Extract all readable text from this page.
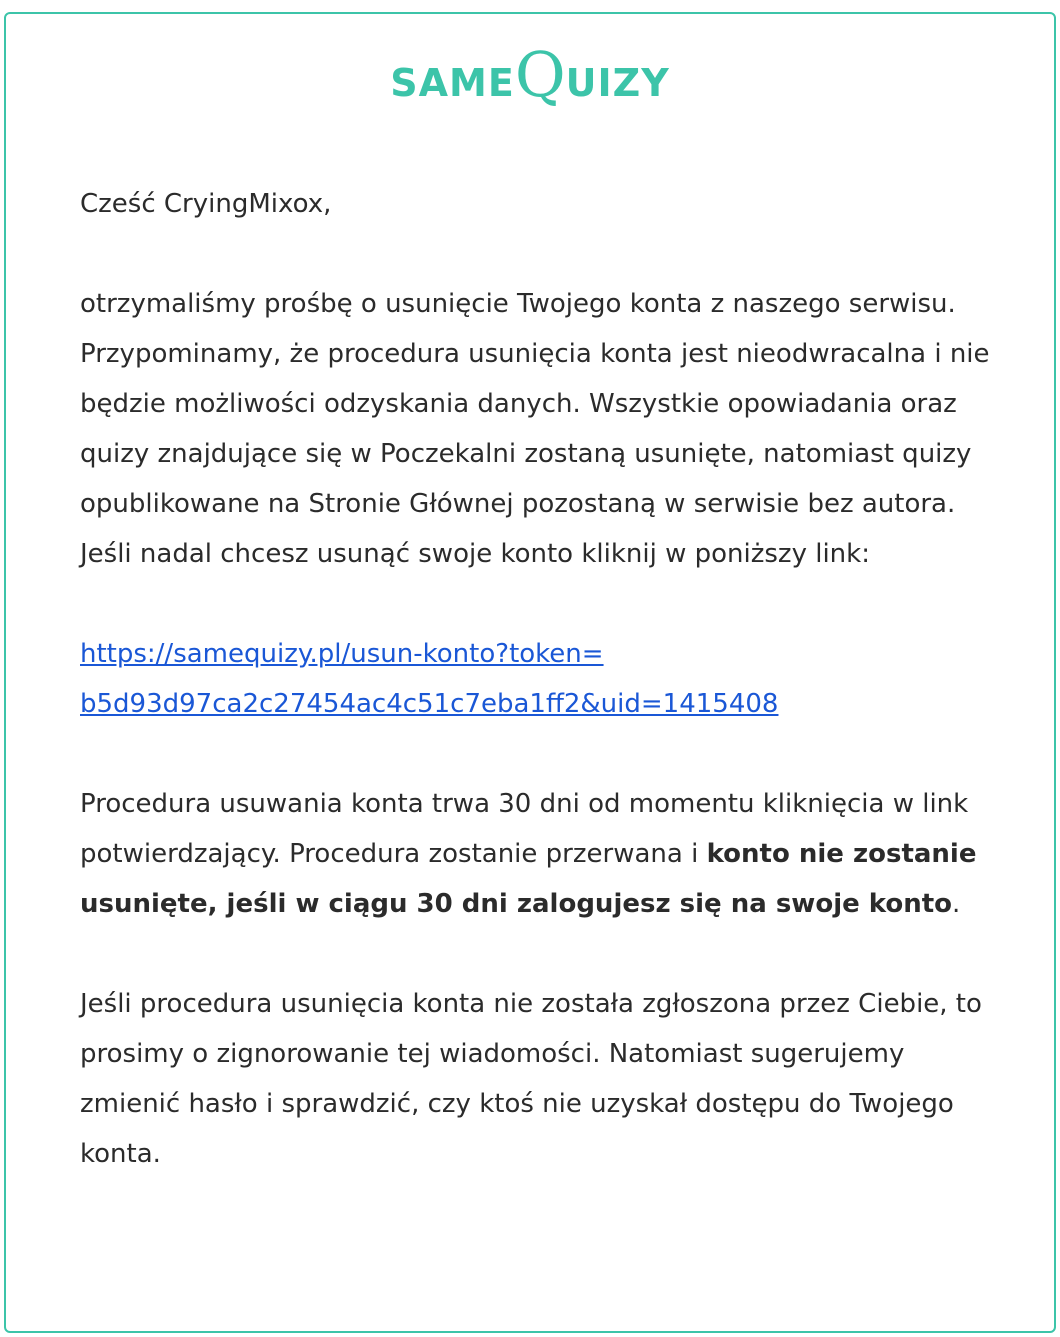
SAMEQUIZY

Cześć CryingMixox,

otrzymaliśmy prośbę o usunięcie Twojego konta z naszego serwisu. Przypominamy, że procedura usunięcia konta jest nieodwracalna i nie będzie możliwości odzyskania danych. Wszystkie opowiadania oraz quizy znajdujące się w Poczekalni zostaną usunięte, natomiast quizy opublikowane na Stronie Głównej pozostaną w serwisie bez autora. Jeśli nadal chcesz usunąć swoje konto kliknij w poniższy link:

https://samequizy.pl/usun-konto?token=
b5d93d97ca2c27454ac4c51c7eba1ff2&uid=1415408

Procedura usuwania konta trwa 30 dni od momentu kliknięcia w link potwierdzający. Procedura zostanie przerwana i konto nie zostanie usunięte, jeśli w ciągu 30 dni zalogujesz się na swoje konto.

Jeśli procedura usunięcia konta nie została zgłoszona przez Ciebie, to prosimy o zignorowanie tej wiadomości. Natomiast sugerujemy zmienić hasło i sprawdzić, czy ktoś nie uzyskał dostępu do Twojego konta.
